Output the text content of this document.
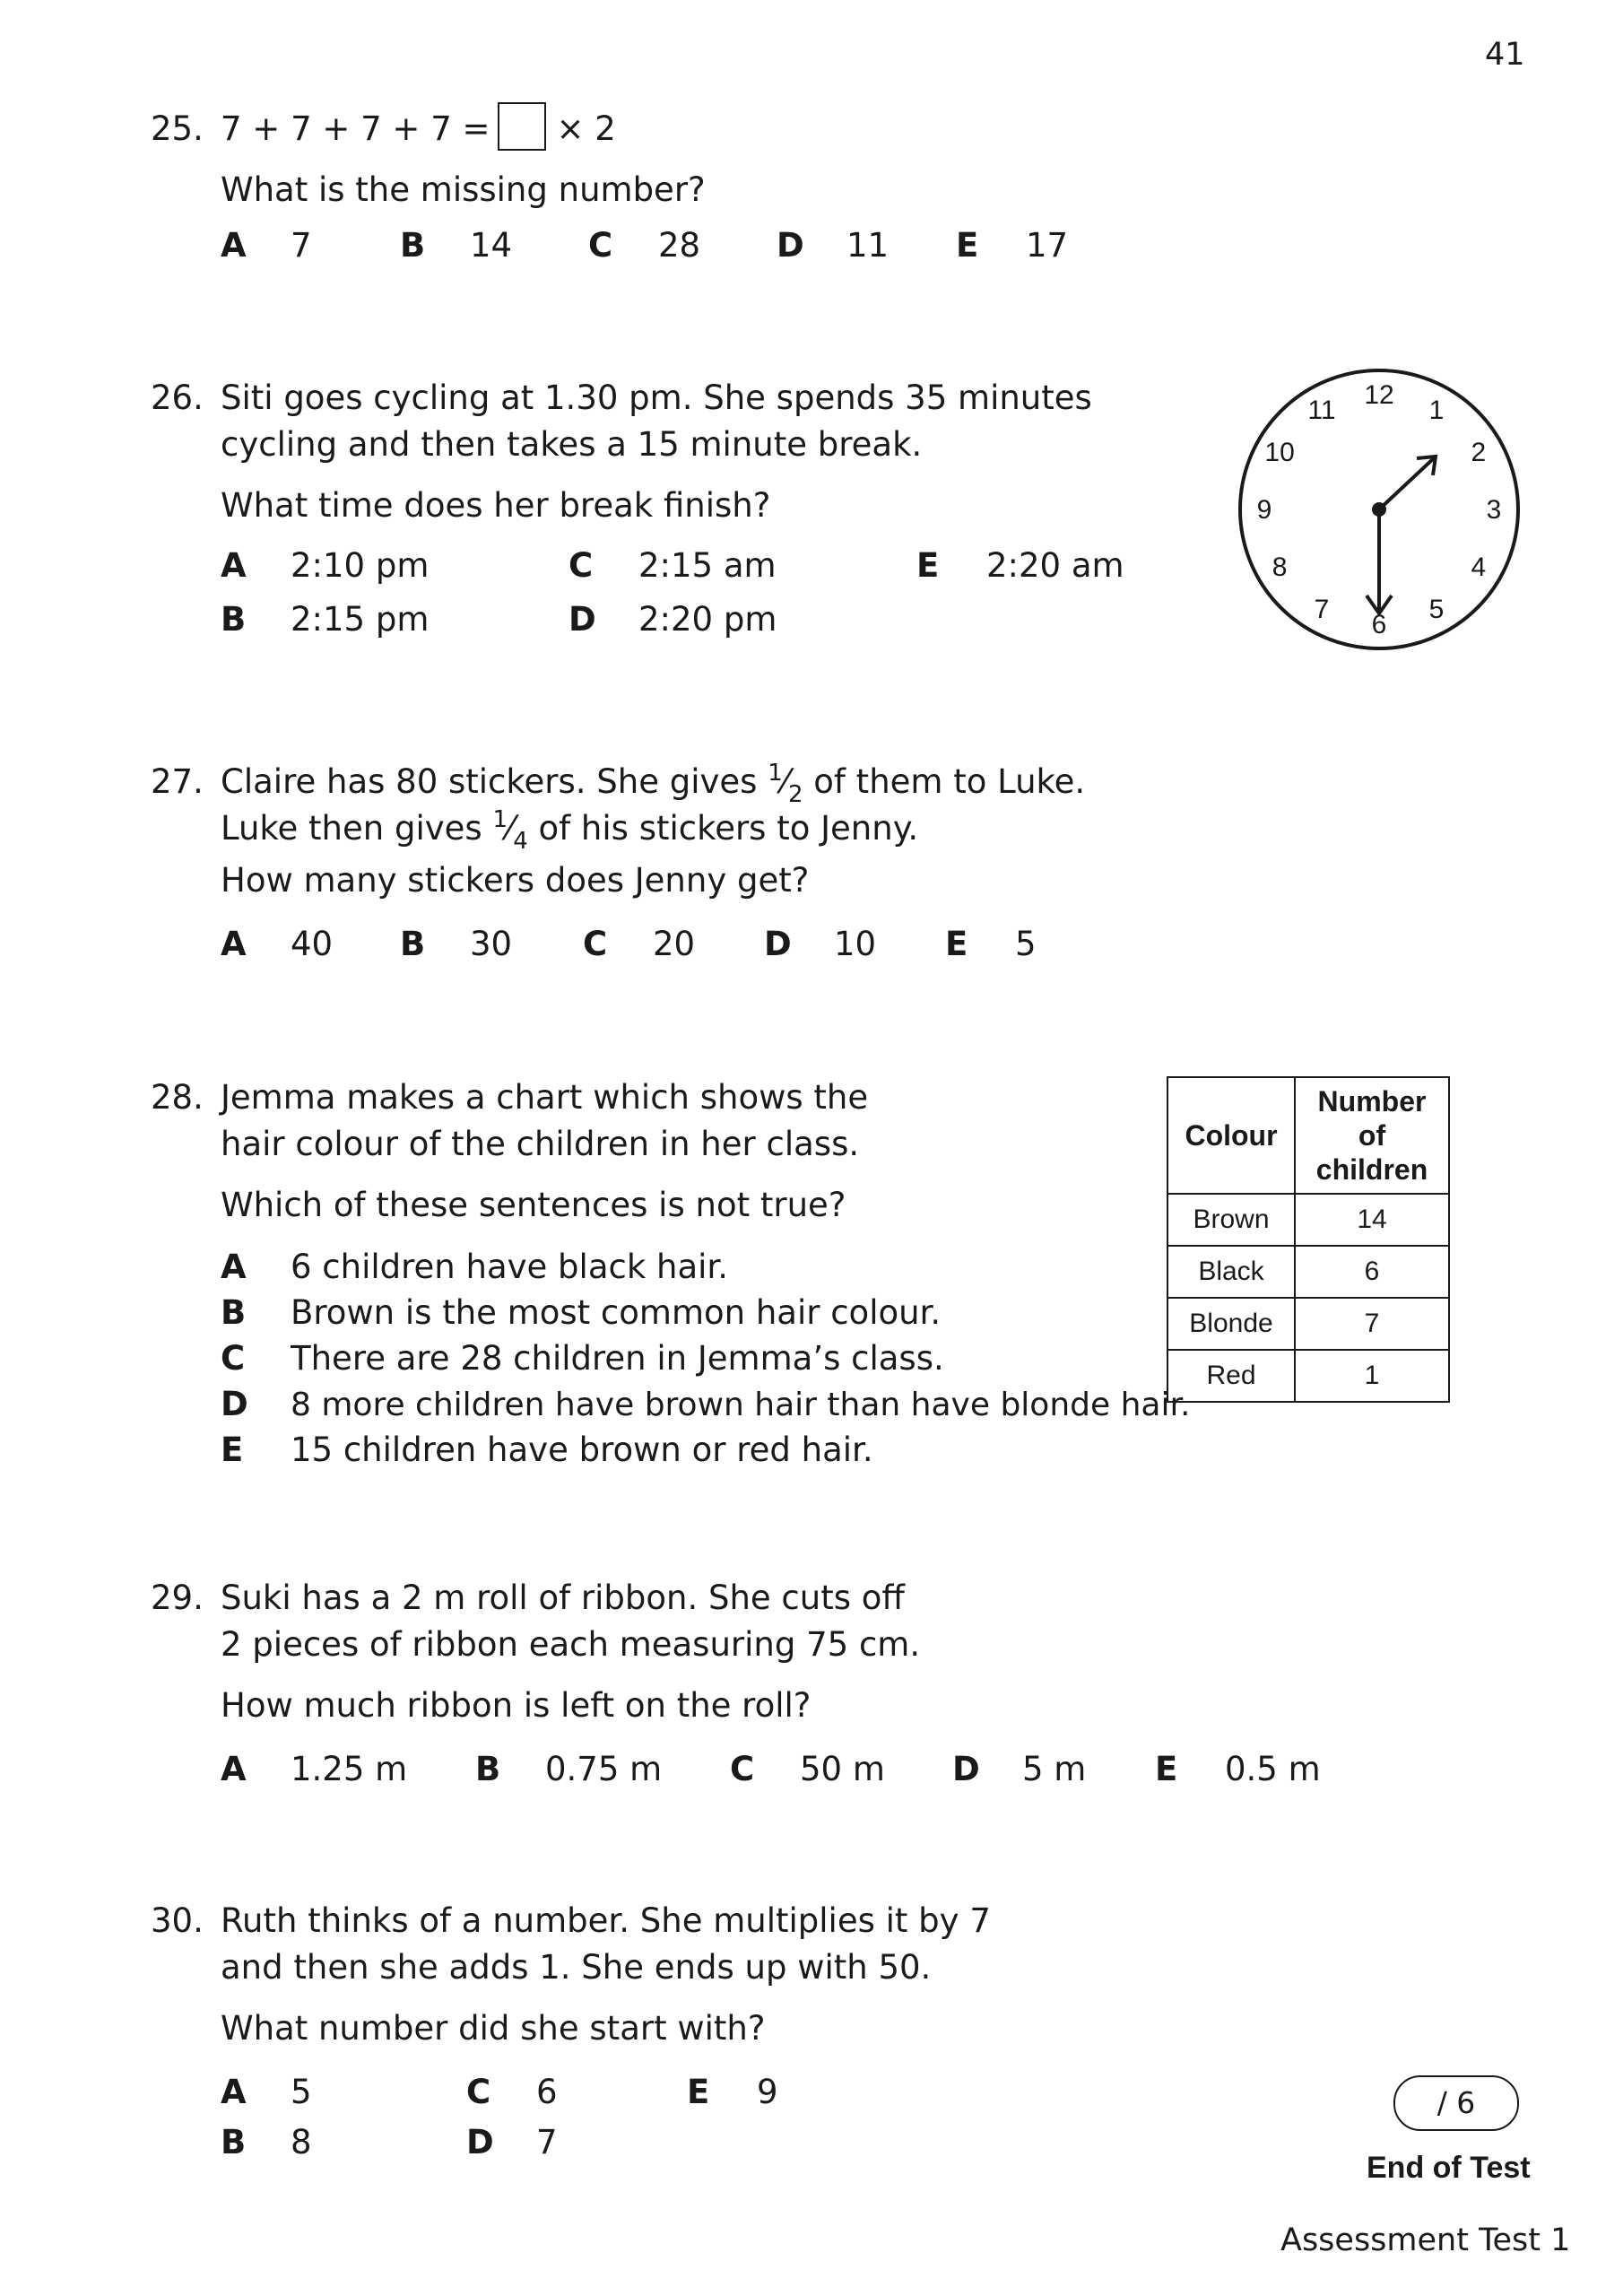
41
25. 7 + 7 + 7 + 7 = × 2
What is the missing number?
A 7	B 14 C 28 D 11 E 17
26. Siti goes cycling at 1.30 pm. She spends 35 minutes
cycling and then takes a 15 minute break.
What time does her break finish?
A 2:10 pm
B 2:15 pm
C 2:15 am
D 2:20 pm
E 2:20 am
12
1
2
3
4
5
6
7
8
9
10
11
27. Claire has 80 stickers. She gives $^1⁄_2$ of them to Luke.
Luke then gives $^1⁄_4$ of his stickers to Jenny.
How many stickers does Jenny get?
A 40 B 30 C 20 D 10 E 5
28. Jemma makes a chart which shows the
hair colour of the children in her class.
Which of these sentences is not true?
A 6 children have black hair.
B Brown is the most common hair colour.
C There are 28 children in Jemma’s class.
D 8 more children have brown hair than have blonde hair.
E 15 children have brown or red hair.
Colour	Number
of
children
Brown	14
Black	6
Blonde	7
Red	1
29. Suki has a 2 m roll of ribbon. She cuts off
2 pieces of ribbon each measuring 75 cm.
How much ribbon is left on the roll?
A 1.25 m B 0.75 m C 50 m D 5 m E 0.5 m
30. Ruth thinks of a number. She multiplies it by 7
and then she adds 1. She ends up with 50.
What number did she start with?
A 5
B 8
C 6
D 7
E 9	/ 6
End of Test
Assessment Test 1
